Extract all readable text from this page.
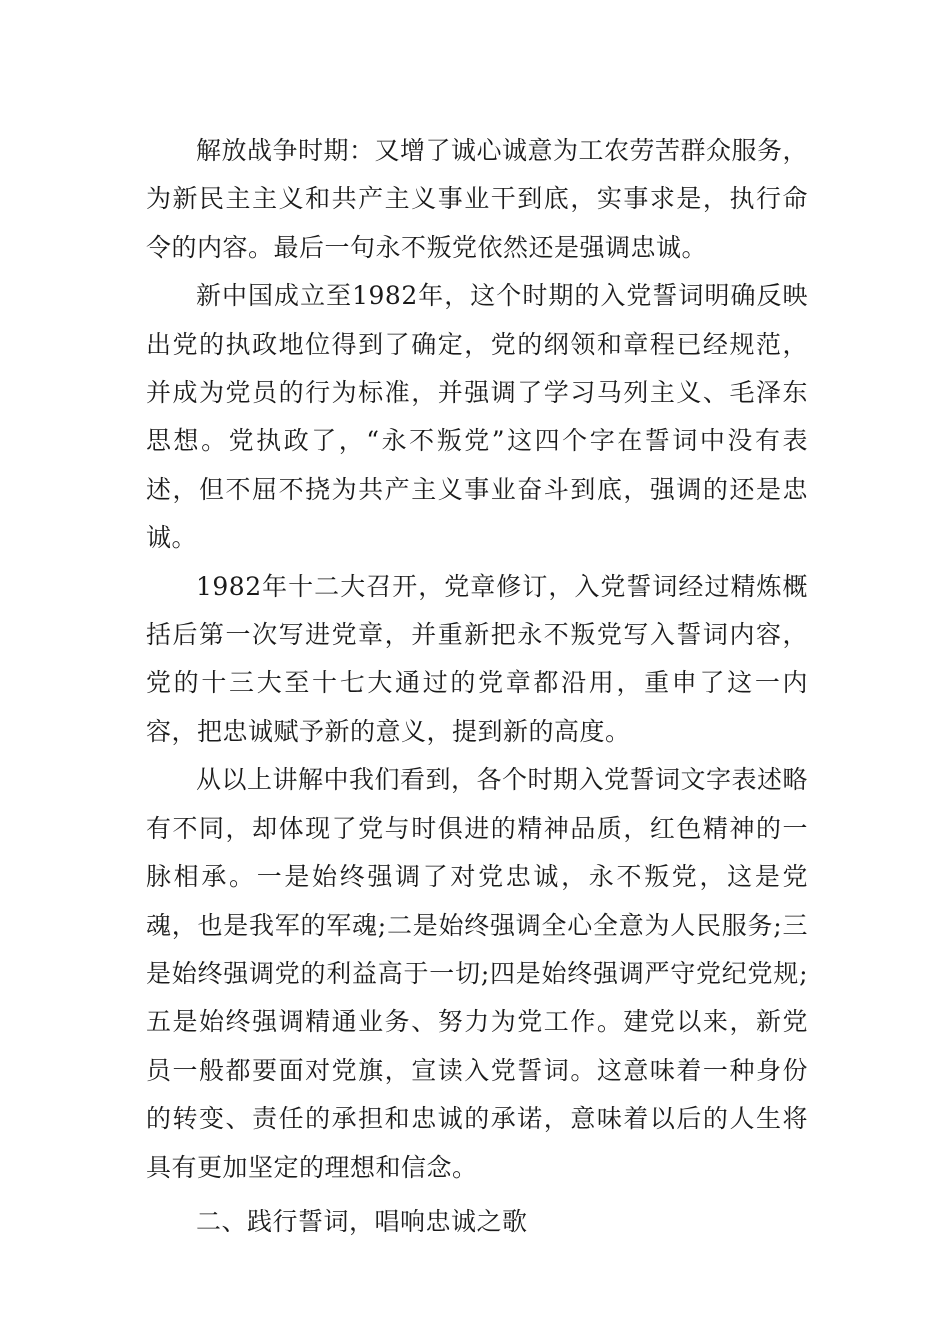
解放战争时期：又增了诚心诚意为工农劳苦群众服务，为新民主主义和共产主义事业干到底，实事求是，执行命令的内容。最后一句永不叛党依然还是强调忠诚。

新中国成立至1982年，这个时期的入党誓词明确反映出党的执政地位得到了确定，党的纲领和章程已经规范，并成为党员的行为标准，并强调了学习马列主义、毛泽东思想。党执政了，“永不叛党”这四个字在誓词中没有表述，但不屈不挠为共产主义事业奋斗到底，强调的还是忠诚。

1982年十二大召开，党章修订，入党誓词经过精炼概括后第一次写进党章，并重新把永不叛党写入誓词内容，党的十三大至十七大通过的党章都沿用，重申了这一内容，把忠诚赋予新的意义，提到新的高度。

从以上讲解中我们看到，各个时期入党誓词文字表述略有不同，却体现了党与时俱进的精神品质，红色精神的一脉相承。一是始终强调了对党忠诚，永不叛党，这是党魂，也是我军的军魂;二是始终强调全心全意为人民服务;三是始终强调党的利益高于一切;四是始终强调严守党纪党规;五是始终强调精通业务、努力为党工作。建党以来，新党员一般都要面对党旗，宣读入党誓词。这意味着一种身份的转变、责任的承担和忠诚的承诺，意味着以后的人生将具有更加坚定的理想和信念。

二、践行誓词，唱响忠诚之歌
